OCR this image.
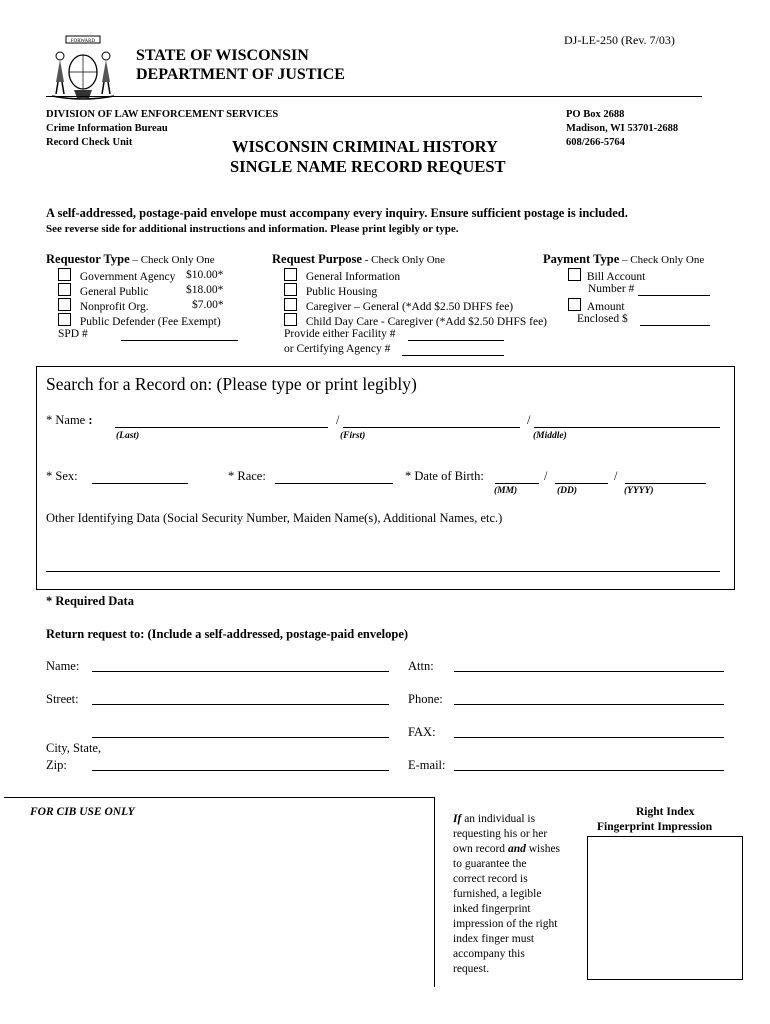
DJ-LE-250 (Rev. 7/03)
FORWARD
STATE OF WISCONSIN
DEPARTMENT OF JUSTICE
DIVISION OF LAW ENFORCEMENT SERVICES
Crime Information Bureau
Record Check Unit
PO Box 2688
Madison, WI 53701-2688
608/266-5764
WISCONSIN CRIMINAL HISTORY
SINGLE NAME RECORD REQUEST
A self-addressed, postage-paid envelope must accompany every inquiry. Ensure sufficient postage is included.
See reverse side for additional instructions and information. Please print legibly or type.
Requestor Type – Check Only One
Government Agency $10.00*
General Public	$18.00*
Nonprofit Org.	$7.00*
Public Defender (Fee Exempt)
SPD #
Request Purpose - Check Only One
General Information
Public Housing
Caregiver – General (*Add $2.50 DHFS fee)
Child Day Care - Caregiver (*Add $2.50 DHFS fee)
Provide either Facility #
or Certifying Agency #
Payment Type – Check Only One
Bill Account
Number #
Amount
Enclosed $
Search for a Record on: (Please type or print legibly)
* Name :	/	/
(Last)	(First)	(Middle)
* Sex:	* Race:	* Date of Birth:	/	/
(MM)	(DD)	(YYYY)
Other Identifying Data (Social Security Number, Maiden Name(s), Additional Names, etc.)
* Required Data
Return request to: (Include a self-addressed, postage-paid envelope)
Name:
Street:
City, State,
Zip:
Attn:
Phone:
FAX:
E-mail:
FOR CIB USE ONLY
If an individual is
requesting his or her
own record and wishes
to guarantee the
correct record is
furnished, a legible
inked fingerprint
impression of the right
index finger must
accompany this
request.
Right Index
Fingerprint Impression
